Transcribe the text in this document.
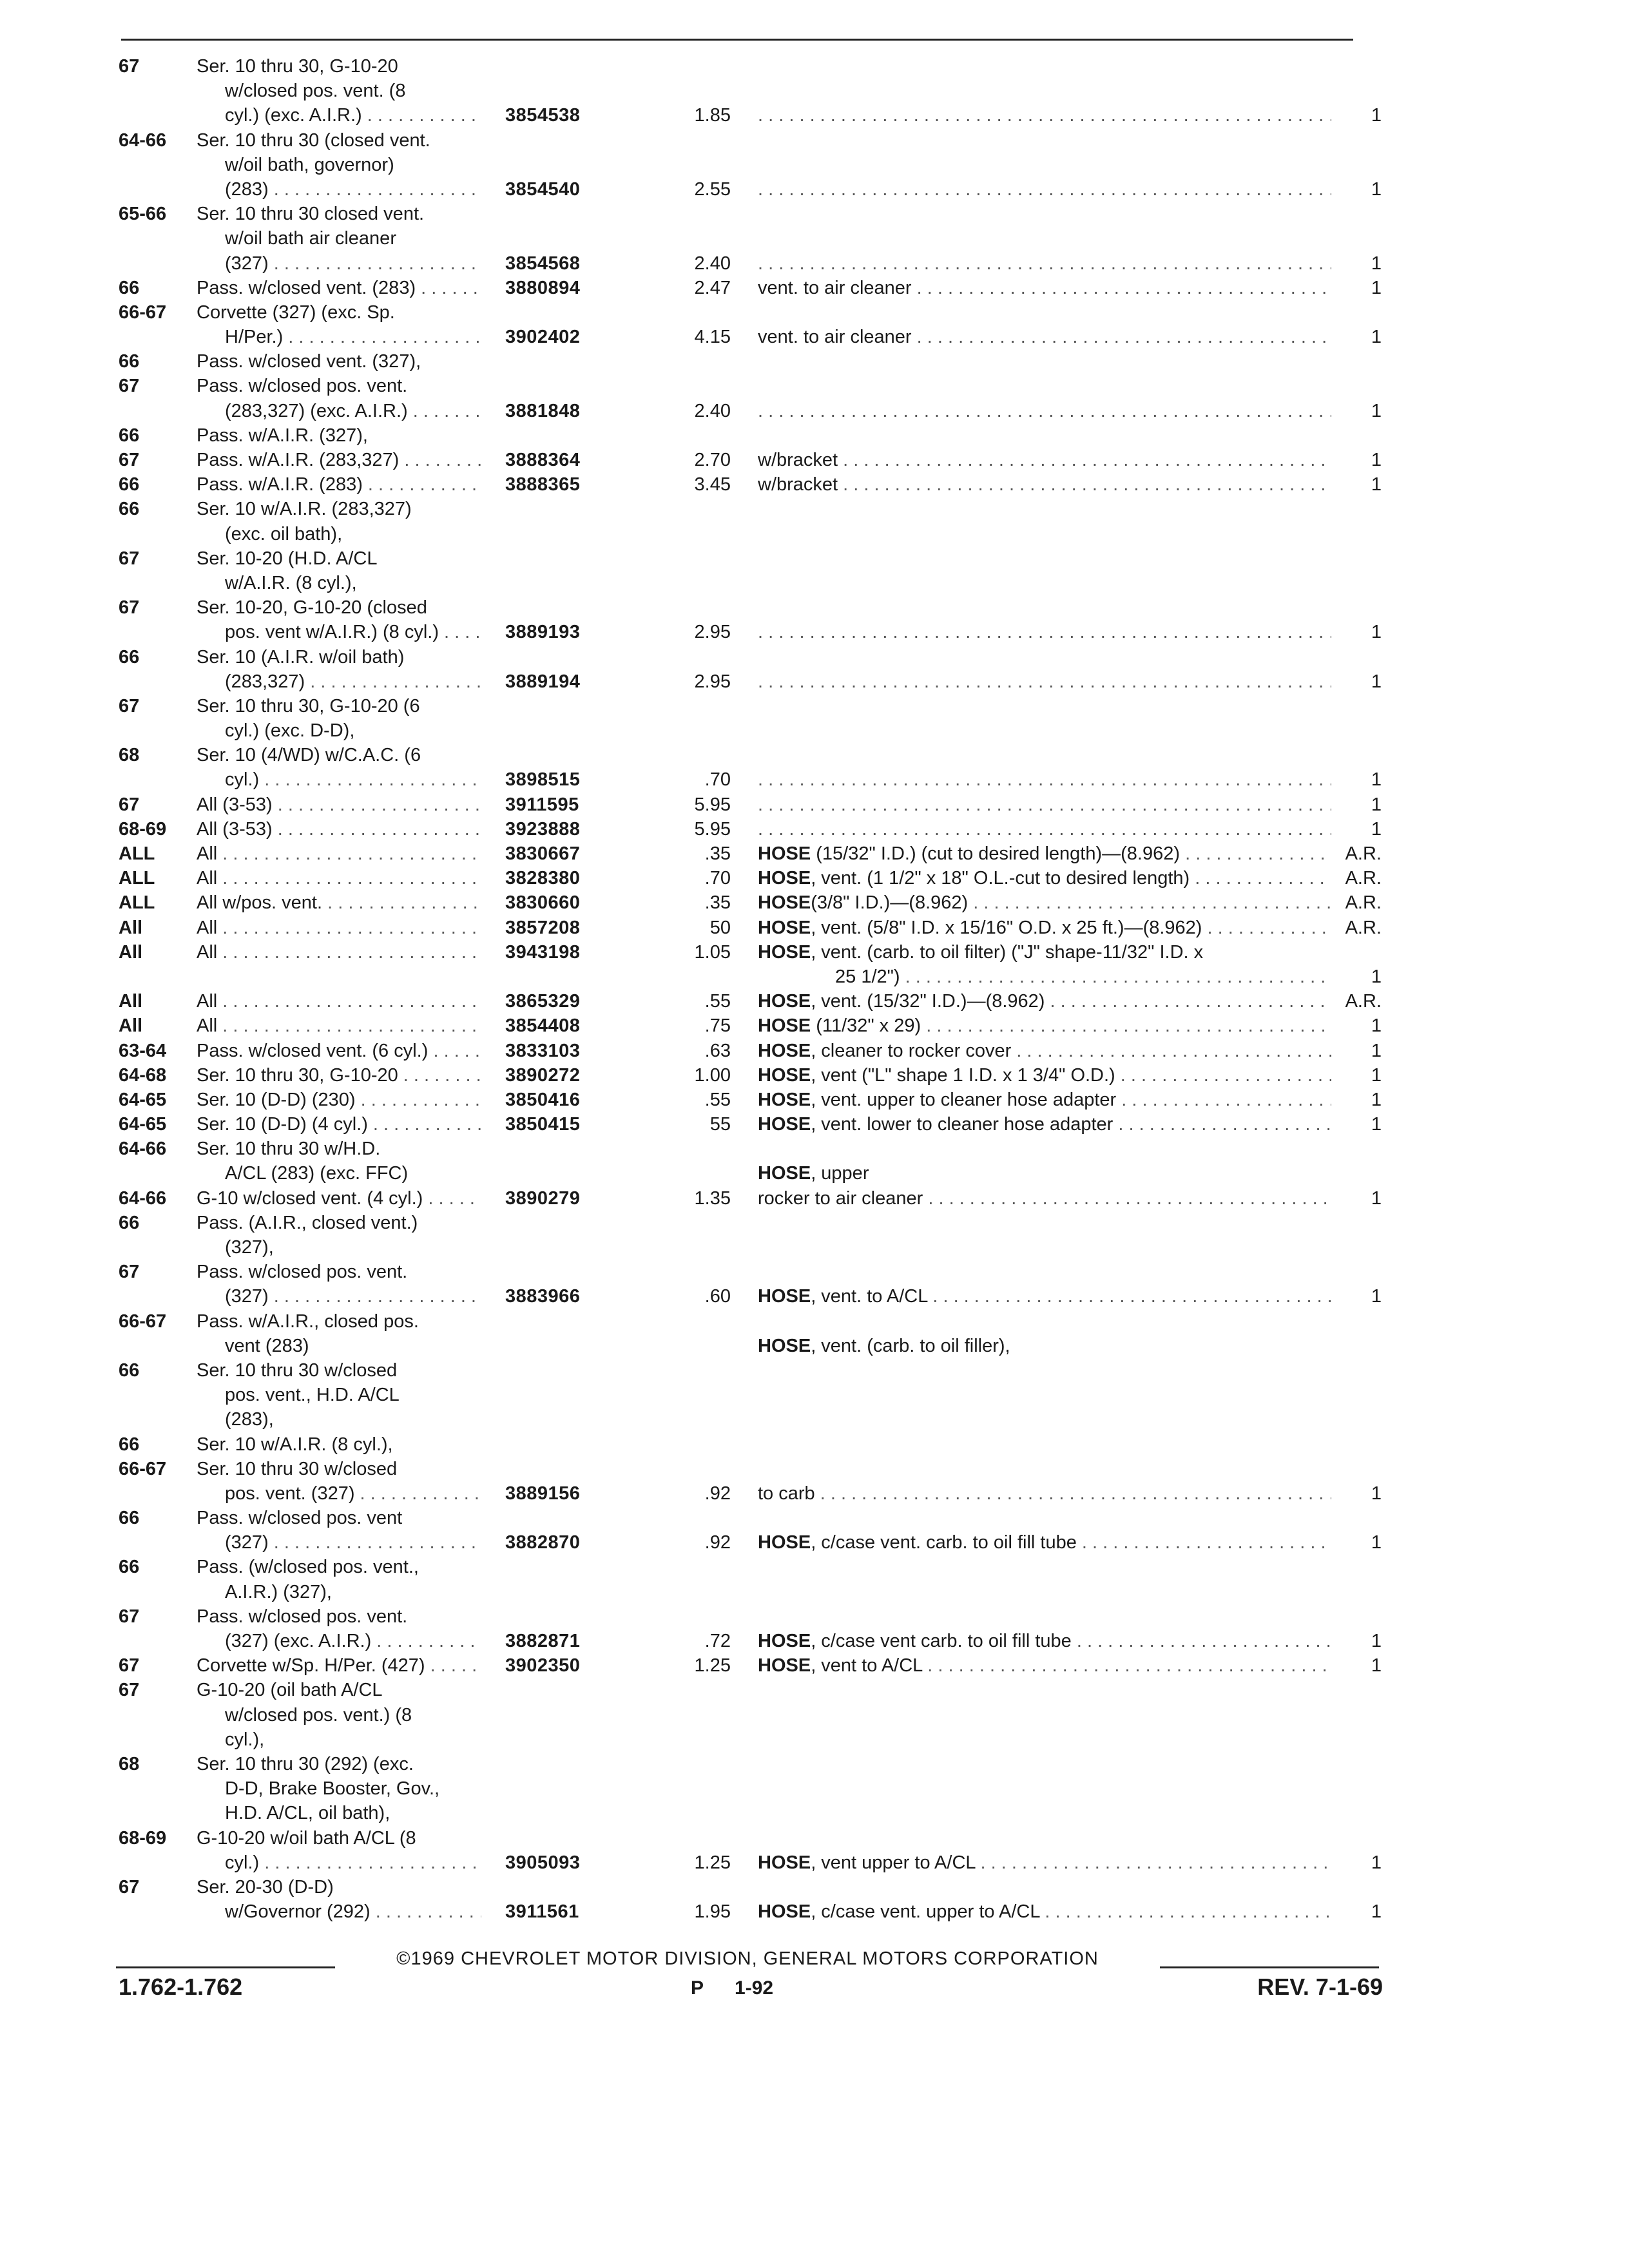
67	Ser. 10 thru 30, G-10-20
w/closed pos. vent. (8
cyl.) (exc. A.I.R.) . . .	3854538	1.85 . . .	1
64-66 Ser. 10 thru 30 (closed vent.
w/oil bath, governor)
(283) . . .	3854540	2.55 . . .	1
65-66 Ser. 10 thru 30 closed vent.
w/oil bath air cleaner
(327) . . .	3854568	2.40 . . .	1
66	Pass. w/closed vent. (283) . . .	3880894	2.47 vent. to air cleaner . . .	1
66-67 Corvette (327) (exc. Sp.
H/Per.) . . .	3902402	4.15 vent. to air cleaner . . .	1
66	Pass. w/closed vent. (327),
67	Pass. w/closed pos. vent.
(283,327) (exc. A.I.R.) . . .	3881848	2.40 . . .	1
66	Pass. w/A.I.R. (327),
67	Pass. w/A.I.R. (283,327) . . .	3888364	2.70 w/bracket . . .	1
66	Pass. w/A.I.R. (283) . . .	3888365	3.45 w/bracket . . .	1
66	Ser. 10 w/A.I.R. (283,327)
(exc. oil bath),
67	Ser. 10-20 (H.D. A/CL
w/A.I.R. (8 cyl.),
67	Ser. 10-20, G-10-20 (closed
pos. vent w/A.I.R.) (8 cyl.) . . .	3889193	2.95 . . .	1
66	Ser. 10 (A.I.R. w/oil bath)
(283,327) . . .	3889194	2.95 . . .	1
67	Ser. 10 thru 30, G-10-20 (6
cyl.) (exc. D-D),
68	Ser. 10 (4/WD) w/C.A.C. (6
cyl.) . . .	3898515	.70 . . .	1
67	All (3-53) . . .	3911595	5.95 . . .	1
68-69 All (3-53) . . .	3923888	5.95 . . .	1
ALL All . . .	3830667	.35 HOSE (15/32" I.D.) (cut to desired length)—(8.962) . . .	A.R.
ALL All . . .	3828380	.70 HOSE, vent. (1 1/2" x 18" O.L.-cut to desired length) . . .	A.R.
ALL All w/pos. vent. . . .	3830660	.35 HOSE(3/8" I.D.)—(8.962) . . .	A.R.
All	All . . .	3857208	50 HOSE, vent. (5/8" I.D. x 15/16" O.D. x 25 ft.)—(8.962) . . .	A.R.
All	All . . .	3943198	1.05 HOSE, vent. (carb. to oil filter) ("J" shape-11/32" I.D. x
25 1/2") . . .	1
All	All . . .	3865329	.55 HOSE, vent. (15/32" I.D.)—(8.962) . . .	A.R.
All	All . . .	3854408	.75 HOSE (11/32" x 29) . . .	1
63-64 Pass. w/closed vent. (6 cyl.) . . .	3833103	.63 HOSE, cleaner to rocker cover . . .	1
64-68 Ser. 10 thru 30, G-10-20 . . .	3890272	1.00 HOSE, vent ("L" shape 1 I.D. x 1 3/4" O.D.) . . .	1
64-65 Ser. 10 (D-D) (230) . . .	3850416	.55 HOSE, vent. upper to cleaner hose adapter . . .	1
64-65 Ser. 10 (D-D) (4 cyl.) . . .	3850415	55 HOSE, vent. lower to cleaner hose adapter . . .	1
64-66 Ser. 10 thru 30 w/H.D.
A/CL (283) (exc. FFC)	HOSE, upper
64-66 G-10 w/closed vent. (4 cyl.) . . .	3890279	1.35 rocker to air cleaner . . .	1
66	Pass. (A.I.R., closed vent.)
(327),
67	Pass. w/closed pos. vent.
(327) . . .	3883966	.60 HOSE, vent. to A/CL . . .	1
66-67 Pass. w/A.I.R., closed pos.
vent (283)	HOSE, vent. (carb. to oil filler),
66	Ser. 10 thru 30 w/closed
pos. vent., H.D. A/CL
(283),
66	Ser. 10 w/A.I.R. (8 cyl.),
66-67 Ser. 10 thru 30 w/closed
pos. vent. (327) . . .	3889156	.92 to carb . . .	1
66	Pass. w/closed pos. vent
(327) . . .	3882870	.92 HOSE, c/case vent. carb. to oil fill tube . . .	1
66	Pass. (w/closed pos. vent.,
A.I.R.) (327),
67	Pass. w/closed pos. vent.
(327) (exc. A.I.R.) . . .	3882871	.72 HOSE, c/case vent carb. to oil fill tube . . .	1
67	Corvette w/Sp. H/Per. (427) . . .	3902350	1.25 HOSE, vent to A/CL . . .	1
67	G-10-20 (oil bath A/CL
w/closed pos. vent.) (8
cyl.),
68	Ser. 10 thru 30 (292) (exc.
D-D, Brake Booster, Gov.,
H.D. A/CL, oil bath),
68-69 G-10-20 w/oil bath A/CL (8
cyl.) . . .	3905093	1.25 HOSE, vent upper to A/CL . . .	1
67	Ser. 20-30 (D-D)
w/Governor (292) . . .	3911561	1.95 HOSE, c/case vent. upper to A/CL . . .	1
©1969 CHEVROLET MOTOR DIVISION, GENERAL MOTORS CORPORATION
1.762-1.762	P 1-92	REV. 7-1-69
